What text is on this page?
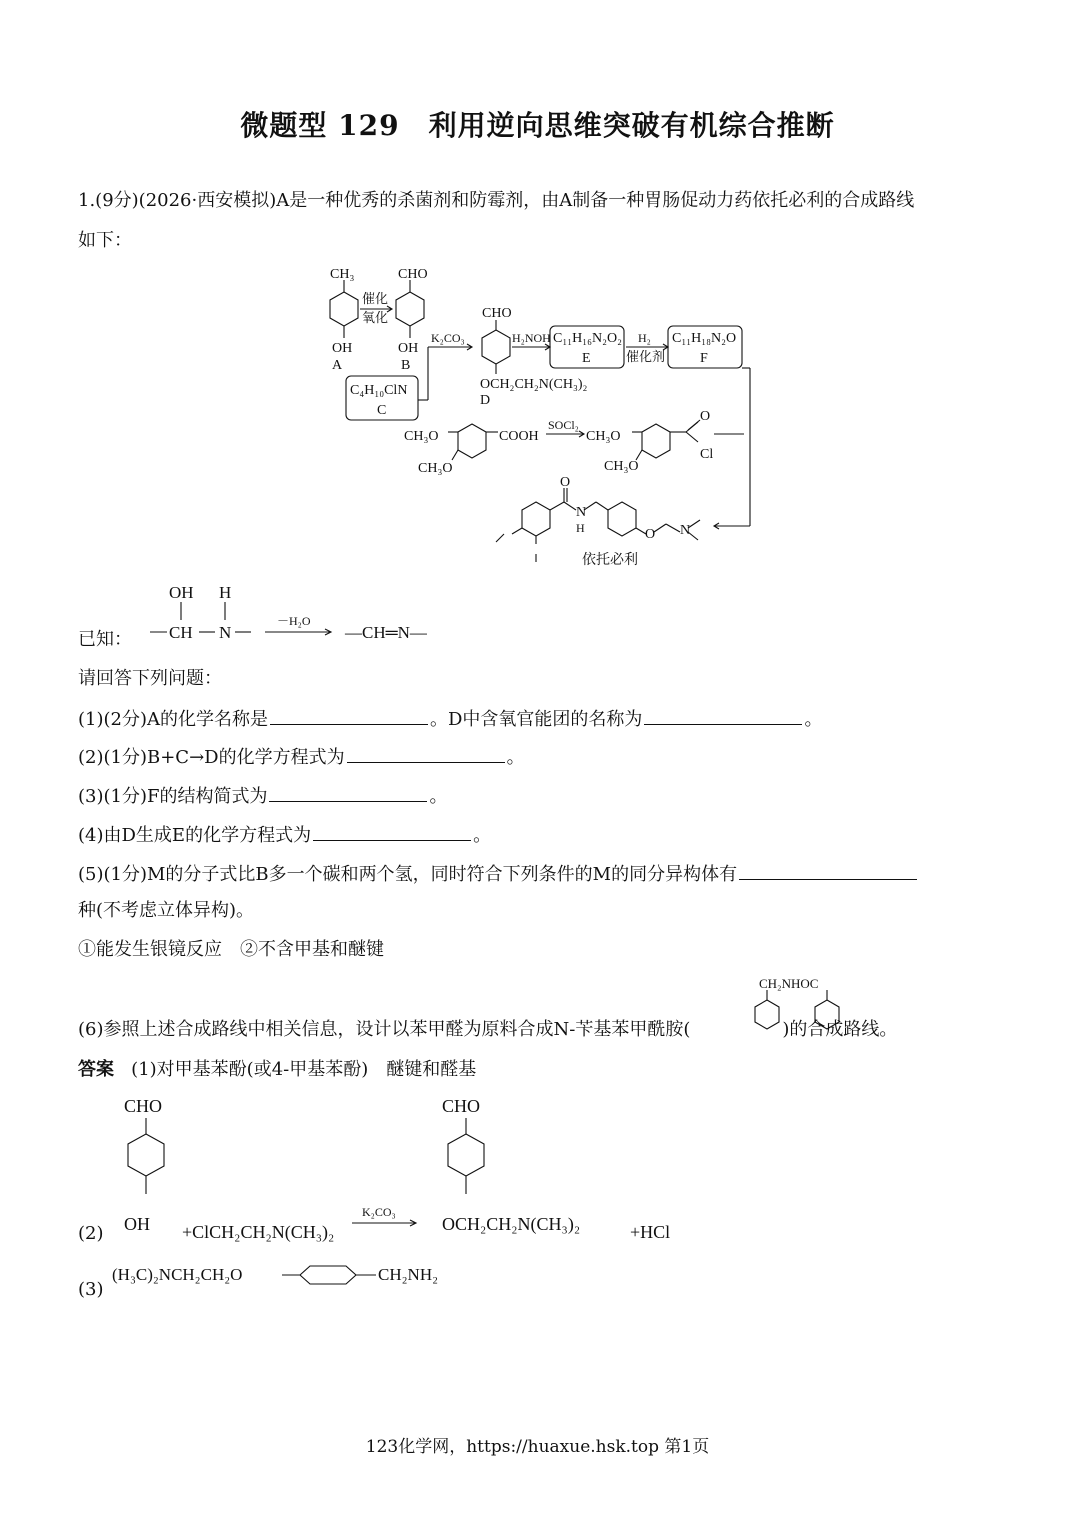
微题型 129　利用逆向思维突破有机综合推断
1.(9分)(2026·西安模拟)A是一种优秀的杀菌剂和防霉剂，由A制备一种胃肠促动力药依托必利的合成路线
如下：
CH₃
OH
A
催化
氧化
CHO
OH
B
C₄H₁₀ClN
C
K₂CO₃
CHO
OCH₂CH₂N(CH₃)₂
D
H₂NOH C₁₁H₁₆N₂O₂
E
H₂
催化剂
C₁₁H₁₈N₂O
F
CH₃O
CH₃O
COOH
SOCl₂
CH₃O
CH₃O
O
Cl
O
N
H	O N
依托必利
已知：
OH H
CH N
－H₂O
—CH═N—
请回答下列问题：
(1)(2分)A的化学名称是	。D中含氧官能团的名称为	。
(2)(1分)B+C→D的化学方程式为	。
(3)(1分)F的结构简式为	。
(4)由D生成E的化学方程式为	。
(5)(1分)M的分子式比B多一个碳和两个氢，同时符合下列条件的M的同分异构体有
种(不考虑立体异构)。
①能发生银镜反应　②不含甲基和醚键
(6)参照上述合成路线中相关信息，设计以苯甲醛为原料合成N-苄基苯甲酰胺(	)的合成路线。
CH₂NHOC
答案 (1)对甲基苯酚(或4-甲基苯酚)　醚键和醛基
(2)
CHO
OH +ClCH₂CH₂N(CH₃)₂
K₂CO₃
CHO
OCH₂CH₂N(CH₃)₂	+HCl
(3)
(H₃C)₂NCH₂CH₂O	CH₂NH₂
123化学网，https://huaxue.hsk.top 第1页
